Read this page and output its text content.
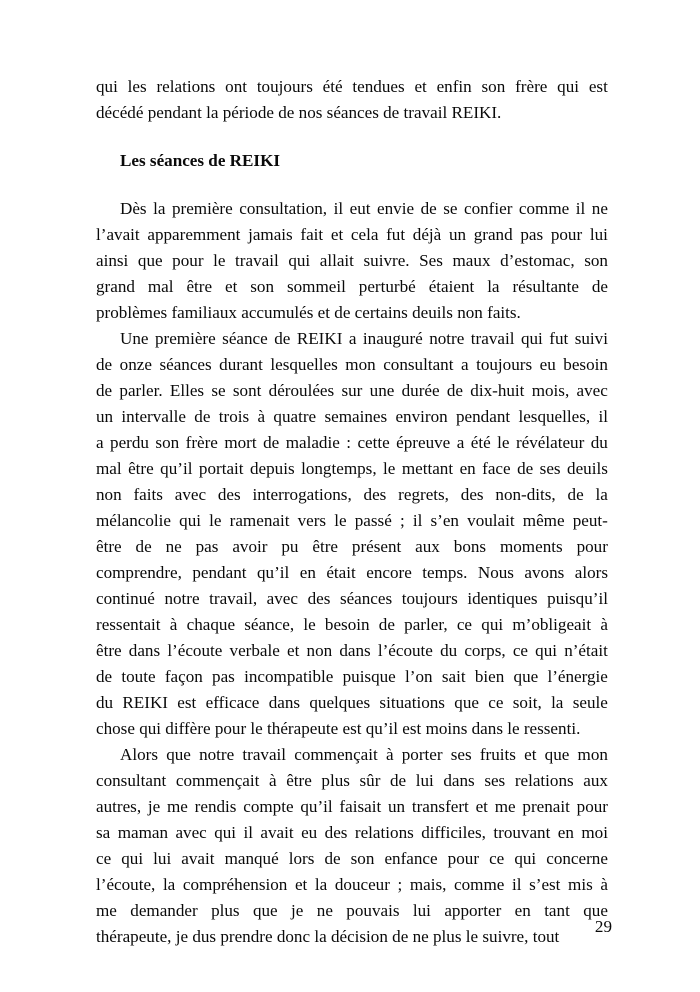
qui les relations ont toujours été tendues et enfin son frère qui est
décédé pendant la période de nos séances de travail REIKI.
Dès la première consultation, il eut envie de se confier comme il ne
l’avait apparemment jamais fait et cela fut déjà un grand pas pour lui
ainsi que pour le travail qui allait suivre. Ses maux d’estomac, son
grand mal être et son sommeil perturbé étaient la résultante de
problèmes familiaux accumulés et de certains deuils non faits.
Une première séance de REIKI a inauguré notre travail qui fut suivi
de onze séances durant lesquelles mon consultant a toujours eu besoin
de parler. Elles se sont déroulées sur une durée de dix-huit mois, avec
un intervalle de trois à quatre semaines environ pendant lesquelles, il
a perdu son frère mort de maladie : cette épreuve a été le révélateur du
mal être qu’il portait depuis longtemps, le mettant en face de ses deuils
non faits avec des interrogations, des regrets, des non-dits, de la
mélancolie qui le ramenait vers le passé ; il s’en voulait même peut-
être de ne pas avoir pu être présent aux bons moments pour
comprendre, pendant qu’il en était encore temps. Nous avons alors
continué notre travail, avec des séances toujours identiques puisqu’il
ressentait à chaque séance, le besoin de parler, ce qui m’obligeait à
être dans l’écoute verbale et non dans l’écoute du corps, ce qui n’était
de toute façon pas incompatible puisque l’on sait bien que l’énergie
du REIKI est efficace dans quelques situations que ce soit, la seule
chose qui diffère pour le thérapeute est qu’il est moins dans le ressenti.
Alors que notre travail commençait à porter ses fruits et que mon
consultant commençait à être plus sûr de lui dans ses relations aux
autres, je me rendis compte qu’il faisait un transfert et me prenait pour
sa maman avec qui il avait eu des relations difficiles, trouvant en moi
ce qui lui avait manqué lors de son enfance pour ce qui concerne
l’écoute, la compréhension et la douceur ; mais, comme il s’est mis à
me demander plus que je ne pouvais lui apporter en tant que
thérapeute, je dus prendre donc la décision de ne plus le suivre, tout
Les séances de REIKI
29
